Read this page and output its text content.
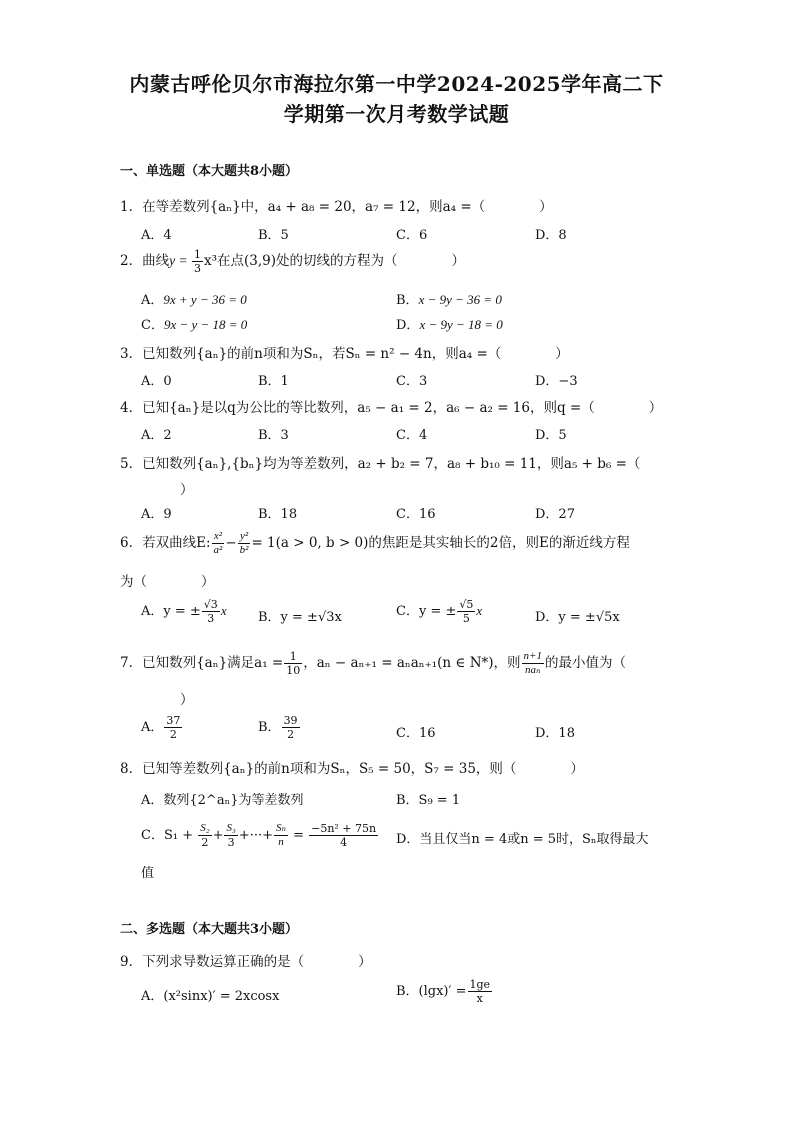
内蒙古呼伦贝尔市海拉尔第一中学2024-2025学年高二下
学期第一次月考数学试题
一、单选题（本大题共8小题）
1．在等差数列{aₙ}中，a₄ + a₈ = 20，a₇ = 12，则a₄ =（　　　　）
A．4	B．5	C．6	D．8
2．曲线$y = \frac{1}{3} x^3$在点(3,9)处的切线的方程为（　　　　）
A．9x + y − 36 = 0	B．x − 9y − 36 = 0
C．9x − y − 18 = 0	D．x − 9y − 18 = 0
3．已知数列{aₙ}的前n项和为Sₙ，若Sₙ = n² − 4n，则a₄ =（　　　　）
A．0	B．1	C．3	D．−3
4．已知{aₙ}是以q为公比的等比数列，a₅ − a₁ = 2，a₆ − a₂ = 16，则q =（　　　　）
A．2	B．3	C．4	D．5
5．已知数列{aₙ},{bₙ}均为等差数列，a₂ + b₂ = 7，a₈ + b₁₀ = 11，则a₅ + b₆ =（
）
A．9	B．18	C．16	D．27
6．若双曲线E: $\frac{\text{x²}}{\text{a²}} - \frac{\text{y²}}{\text{b²}} = 1(a > 0$, b > 0)的焦距是其实轴长的2倍，则E的渐近线方程
为（　　　　）
A．y = ± $\frac{√3}{3}$ x B．y = ±√3x	C．y = ± $\frac{√5}{5}$ x	D．y = ±√5x
7．已知数列{aₙ}满足$a_1 = \frac{1}{10}$ ，aₙ − aₙ₊₁ = aₙaₙ₊₁(n ∈ N*)，则 $\frac{n+1}{\text{naₙ}}$ 的最小值为（
）
A． $\frac{37}{2}$	B． $\frac{39}{2}$	C．16	D．18
8．已知等差数列{aₙ}的前n项和为Sₙ，S₅ = 50，S₇ = 35，则（　　　　）
A．数列{2^aₙ}为等差数列	B．S₉ = 1
C．$S_1 + \frac{\text{S₂}}{2} + \frac{\text{S₃}}{3}$ +···+ $\frac{\text{Sₙ}}{n} = \frac{\text{−5n² + 75n}}{4}$ D．当且仅当n = 4或n = 5时，Sₙ取得最大
值
二、多选题（本大题共3小题）
9．下列求导数运算正确的是（　　　　）
A．(x²sinx)′ = 2xcosx	B．$(\lg x)' = \frac{1ge}{x}$
